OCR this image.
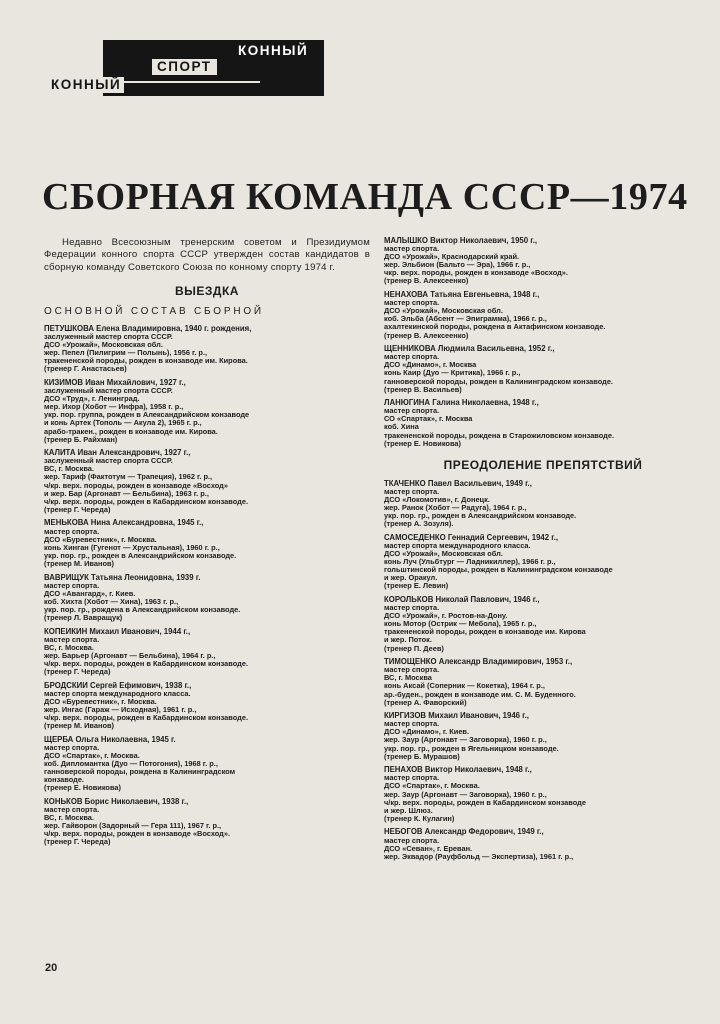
КОННЫЙ
СПОРТ
КОННЫЙ
СБОРНАЯ КОМАНДА СССР—1974

Недавно Всесоюзным тренерским советом и Президиумом Федерации конного спорта СССР утвержден состав кандидатов в сборную команду Советского Союза по конному спорту 1974 г.

ВЫЕЗДКА
ОСНОВНОЙ СОСТАВ СБОРНОЙ
ПЕТУШКОВА Елена Владимировна, 1940 г. рождения,
заслуженный мастер спорта СССР.
ДСО «Урожай», Московская обл.
жер. Пепел (Пилигрим — Полынь), 1956 г. р.,
тракененской породы, рожден в конзаводе им. Кирова.
(тренер Г. Анастасьев)
КИЗИМОВ Иван Михайлович, 1927 г.,
заслуженный мастер спорта СССР.
ДСО «Труд», г. Ленинград.
мер. Ихор (Хобот — Инфра), 1958 г. р.,
укр. пор. группа, рожден в Александрийском конзаводе
и конь Артек (Тополь — Акула 2), 1965 г. р.,
арабо-тракен., рожден в конзаводе им. Кирова.
(тренер Б. Райхман)
КАЛИТА Иван Александрович, 1927 г.,
заслуженный мастер спорта СССР.
ВС, г. Москва.
жер. Тариф (Фактотум — Трапеция), 1962 г. р.,
ч/кр. верх. породы, рожден в конзаводе «Восход»
и жер. Бар (Аргонавт — Бельбина), 1963 г. р.,
ч/кр. верх. породы, рожден в Кабардинском конзаводе.
(тренер Г. Череда)
МЕНЬКОВА Нина Александровна, 1945 г.,
мастер спорта.
ДСО «Буревестник», г. Москва.
конь Хинган (Гугенот — Хрустальная), 1960 г. р.,
укр. пор. гр., рожден в Александрийском конзаводе.
(тренер М. Иванов)
ВАВРИЩУК Татьяна Леонидовна, 1939 г.
мастер спорта.
ДСО «Авангард», г. Киев.
коб. Хихта (Хобот — Хина), 1963 г. р.,
укр. пор. гр., рождена в Александрийском конзаводе.
(тренер Л. Вавращук)
КОПЕЙКИН Михаил Иванович, 1944 г.,
мастер спорта.
ВС, г. Москва.
жер. Барьер (Аргонавт — Бельбина), 1964 г. р.,
ч/кр. верх. породы, рожден в Кабардинском конзаводе.
(тренер Г. Череда)
БРОДСКИЙ Сергей Ефимович, 1938 г.,
мастер спорта международного класса.
ДСО «Буревестник», г. Москва.
жер. Ингас (Гараж — Исходная), 1961 г. р.,
ч/кр. верх. породы, рожден в Кабардинском конзаводе.
(тренер М. Иванов)
ЩЕРБА Ольга Николаевна, 1945 г.
мастер спорта.
ДСО «Спартак», г. Москва.
коб. Дипломантка (Дуо — Потогония), 1968 г. р.,
ганноверской породы, рождена в Калининградском
конзаводе.
(тренер Е. Новикова)
КОНЬКОВ Борис Николаевич, 1938 г.,
мастер спорта.
ВС, г. Москва.
жер. Гайворон (Задорный — Гера 111), 1967 г. р.,
ч/кр. верх. породы, рожден в конзаводе «Восход».
(тренер Г. Череда)
МАЛЫШКО Виктор Николаевич, 1950 г.,
мастер спорта.
ДСО «Урожай», Краснодарский край.
жер. Эльбион (Бальто — Эра), 1966 г. р.,
чкр. верх. породы, рожден в конзаводе «Восход».
(тренер В. Алексеенко)
НЕНАХОВА Татьяна Евгеньевна, 1948 г.,
мастер спорта.
ДСО «Урожай», Московская обл.
коб. Эльба (Абсент — Эпиграмма), 1966 г. р.,
ахалтекинской породы, рождена в Актафинском конзаводе.
(тренер В. Алексеенко)
ЩЕННИКОВА Людмила Васильевна, 1952 г.,
мастер спорта.
ДСО «Динамо», г. Москва
конь Каир (Дуо — Критика), 1966 г. р.,
ганноверской породы, рожден в Калининградском конзаводе.
(тренер В. Васильев)
ЛАНЮГИНА Галина Николаевна, 1948 г.,
мастер спорта.
СО «Спартак», г. Москва
коб. Хина
тракененской породы, рождена в Старожиловском конзаводе.
(тренер Е. Новикова)
ПРЕОДОЛЕНИЕ ПРЕПЯТСТВИЙ
ТКАЧЕНКО Павел Васильевич, 1949 г.,
мастер спорта.
ДСО «Локомотив», г. Донецк.
жер. Ранок (Хобот — Радуга), 1964 г. р.,
укр. пор. гр., рожден в Александрийском конзаводе.
(тренер А. Зозуля).
САМОСЕДЕНКО Геннадий Сергеевич, 1942 г.,
мастер спорта международного класса.
ДСО «Урожай», Московская обл.
конь Луч (Ульбтург — Ладникиллер), 1966 г. р.,
гольштинской породы, рожден в Калининградском конзаводе
и жер. Оракул.
(тренер Е. Левин)
КОРОЛЬКОВ Николай Павлович, 1946 г.,
мастер спорта.
ДСО «Урожай», г. Ростов-на-Дону.
конь Мотор (Острик — Мебола), 1965 г. р.,
тракененской породы, рожден в конзаводе им. Кирова
и жер. Поток.
(тренер П. Деев)
ТИМОЩЕНКО Александр Владимирович, 1953 г.,
мастер спорта.
ВС, г. Москва
конь Аксай (Соперник — Кокетка), 1964 г. р.,
ар.-буден., рожден в конзаводе им. С. М. Буденного.
(тренер А. Фаворский)
КИРГИЗОВ Михаил Иванович, 1946 г.,
мастер спорта.
ДСО «Динамо», г. Киев.
жер. Заур (Аргонавт — Заговорка), 1960 г. р.,
укр. пор. гр., рожден в Ягельницком конзаводе.
(тренер Б. Мурашов)
ПЕНАХОВ Виктор Николаевич, 1948 г.,
мастер спорта.
ДСО «Спартак», г. Москва.
жер. Заур (Аргонавт — Заговорка), 1960 г. р.,
ч/кр. верх. породы, рожден в Кабардинском конзаводе
и жер. Шлюз.
(тренер К. Кулагин)
НЕБОГОВ Александр Федорович, 1949 г.,
мастер спорта.
ДСО «Севан», г. Ереван.
жер. Эквадор (Рауфбольд — Экспертиза), 1961 г. р.,
20
